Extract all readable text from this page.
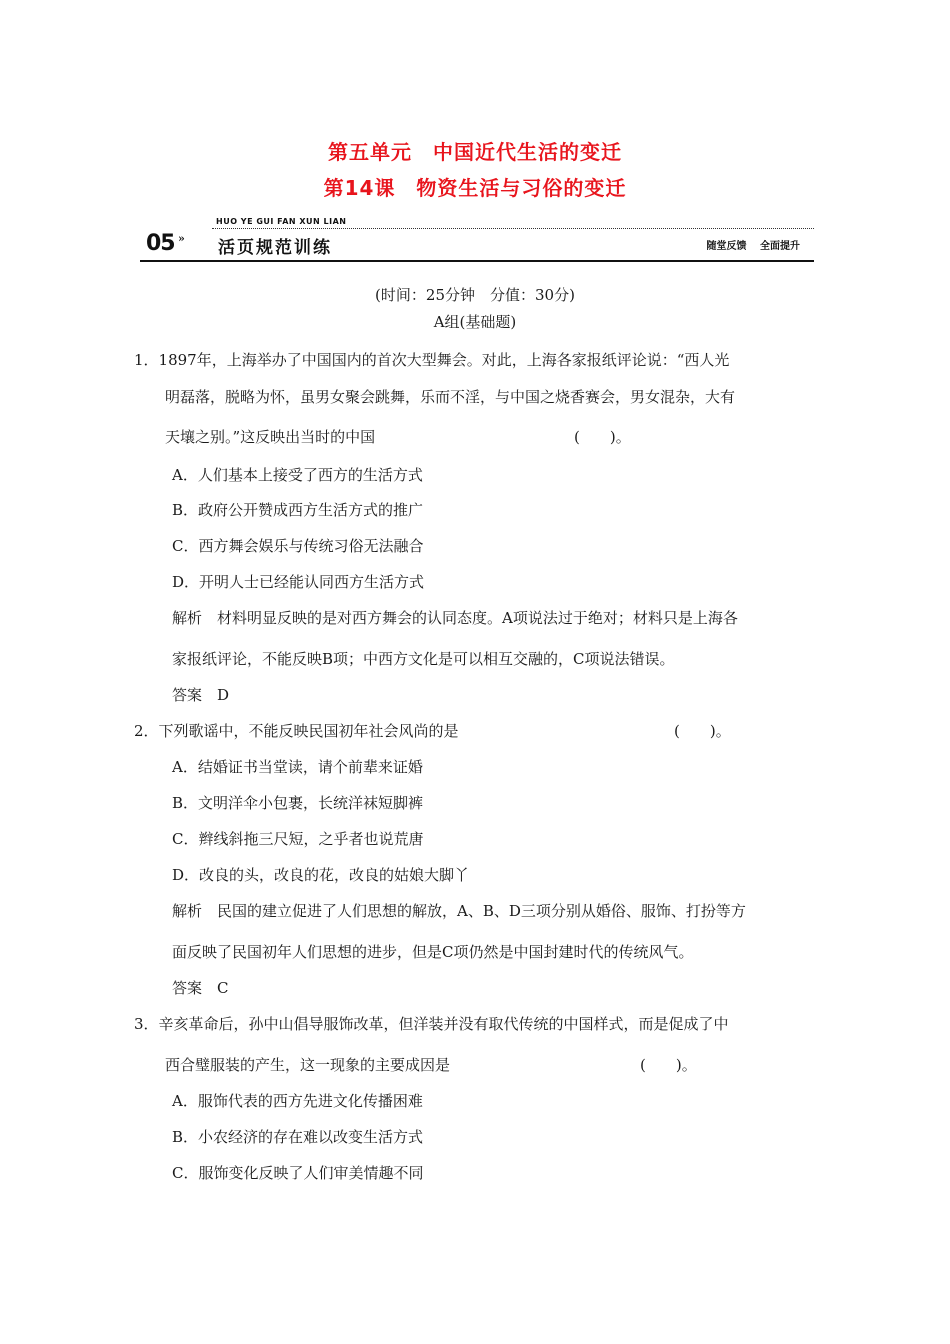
第五单元　中国近代生活的变迁
第14课　物资生活与习俗的变迁
HUO YE GUI FAN XUN LIAN
05 » 活页规范训练	随堂反馈 全面提升
(时间：25分钟　分值：30分)
A组(基础题)
1．1897年，上海举办了中国国内的首次大型舞会。对此，上海各家报纸评论说：“西人光
明磊落，脱略为怀，虽男女聚会跳舞，乐而不淫，与中国之烧香赛会，男女混杂，大有
天壤之别。”这反映出当时的中国	(　　)。
A．人们基本上接受了西方的生活方式
B．政府公开赞成西方生活方式的推广
C．西方舞会娱乐与传统习俗无法融合
D．开明人士已经能认同西方生活方式
解析　材料明显反映的是对西方舞会的认同态度。A项说法过于绝对；材料只是上海各
家报纸评论，不能反映B项；中西方文化是可以相互交融的，C项说法错误。
答案　D
2．下列歌谣中，不能反映民国初年社会风尚的是	(　　)。
A．结婚证书当堂读，请个前辈来证婚
B．文明洋伞小包裹，长统洋袜短脚裤
C．辫线斜拖三尺短，之乎者也说荒唐
D．改良的头，改良的花，改良的姑娘大脚丫
解析　民国的建立促进了人们思想的解放，A、B、D三项分别从婚俗、服饰、打扮等方
面反映了民国初年人们思想的进步，但是C项仍然是中国封建时代的传统风气。
答案　C
3．辛亥革命后，孙中山倡导服饰改革，但洋装并没有取代传统的中国样式，而是促成了中
西合璧服装的产生，这一现象的主要成因是	(　　)。
A．服饰代表的西方先进文化传播困难
B．小农经济的存在难以改变生活方式
C．服饰变化反映了人们审美情趣不同
